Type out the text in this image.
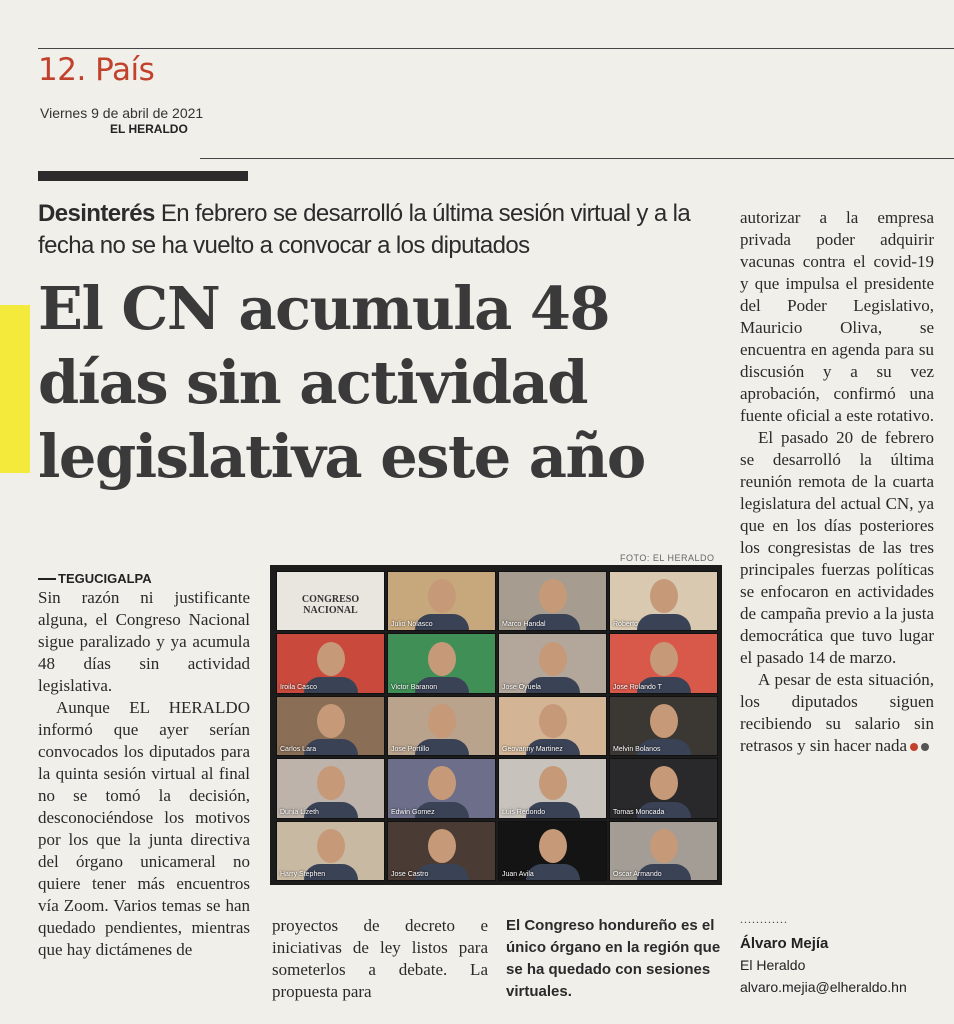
12. País
Viernes 9 de abril de 2021
EL HERALDO
Desinterés En febrero se desarrolló la última sesión virtual y a la fecha no se ha vuelto a convocar a los diputados
El CN acumula 48
días sin actividad
legislativa este año
TEGUCIGALPA

Sin razón ni justificante alguna, el Congreso Nacional sigue paralizado y ya acumula 48 días sin actividad legislativa.

Aunque EL HERALDO informó que ayer serían convocados los diputados para la quinta sesión virtual al final no se tomó la decisión, desconociéndose los motivos por los que la junta directiva del órgano unicameral no quiere tener más encuentros vía Zoom. Varios temas se han quedado pendientes, mientras que hay dictámenes de

FOTO: EL HERALDO
CONGRESO NACIONAL
Julio Nolasco	Marco Handal	Roberto
Iroila Casco	Victor Baranon	Jose Oyuela	Jose Rolando T
Carlos Lara	Jose Portillo	Geovanny Martinez	Melvin Bolanos
Dunia Lizeth	Edwin Gomez	Luis Redondo	Tomas Moncada
Harry Stephen	Jose Castro	Juan Avila	Oscar Armando

proyectos de decreto e iniciativas de ley listos para someterlos a debate. La propuesta para

El Congreso hondureño es el único órgano en la región que se ha quedado con sesiones virtuales.

autorizar a la empresa privada poder adquirir vacunas contra el covid-19 y que impulsa el presidente del Poder Legislativo, Mauricio Oliva, se encuentra en agenda para su discusión y a su vez aprobación, confirmó una fuente oficial a este rotativo.

El pasado 20 de febrero se desarrolló la última reunión remota de la cuarta legislatura del actual CN, ya que en los días posteriores los congresistas de las tres principales fuerzas políticas se enfocaron en actividades de campaña previo a la justa democrática que tuvo lugar el pasado 14 de marzo.

A pesar de esta situación, los diputados siguen recibiendo su salario sin retrasos y sin hacer nada

............
Álvaro Mejía
El Heraldo
alvaro.mejia@elheraldo.hn
